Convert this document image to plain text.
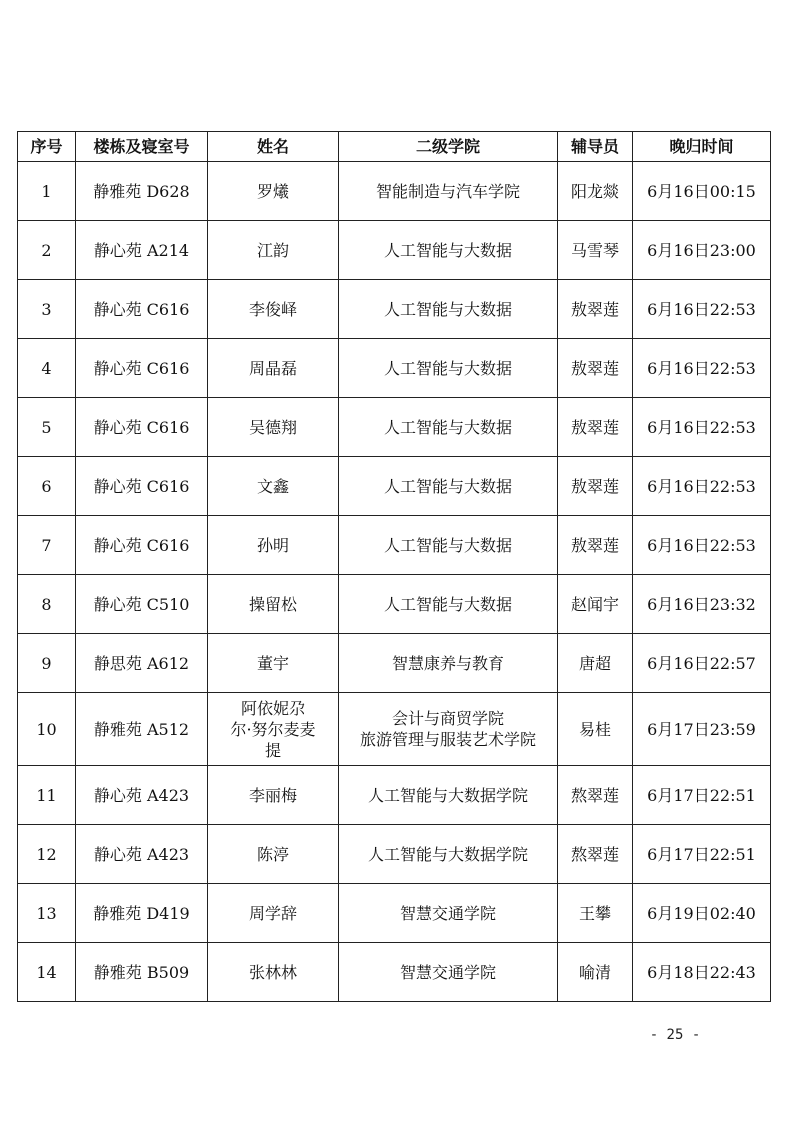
序号	楼栋及寝室号	姓名	二级学院	辅导员	晚归时间
1	静雅苑 D628	罗爔	智能制造与汽车学院	阳龙燚	6月16日00:15
2	静心苑 A214	江韵	人工智能与大数据	马雪琴	6月16日23:00
3	静心苑 C616	李俊峄	人工智能与大数据	敖翠莲	6月16日22:53
4	静心苑 C616	周晶磊	人工智能与大数据	敖翠莲	6月16日22:53
5	静心苑 C616	吴德翔	人工智能与大数据	敖翠莲	6月16日22:53
6	静心苑 C616	文鑫	人工智能与大数据	敖翠莲	6月16日22:53
7	静心苑 C616	孙明	人工智能与大数据	敖翠莲	6月16日22:53
8	静心苑 C510	操留松	人工智能与大数据	赵闻宇	6月16日23:32
9	静思苑 A612	董宇	智慧康养与教育	唐超	6月16日22:57
10	静雅苑 A512	阿依妮尕
尔·努尔麦麦
提	会计与商贸学院
旅游管理与服装艺术学院	易桂	6月17日23:59
11	静心苑 A423	李丽梅	人工智能与大数据学院	熬翠莲	6月17日22:51
12	静心苑 A423	陈渟	人工智能与大数据学院	熬翠莲	6月17日22:51
13	静雅苑 D419	周学辞	智慧交通学院	王攀	6月19日02:40
14	静雅苑 B509	张林林	智慧交通学院	喻清	6月18日22:43
- 25 -
